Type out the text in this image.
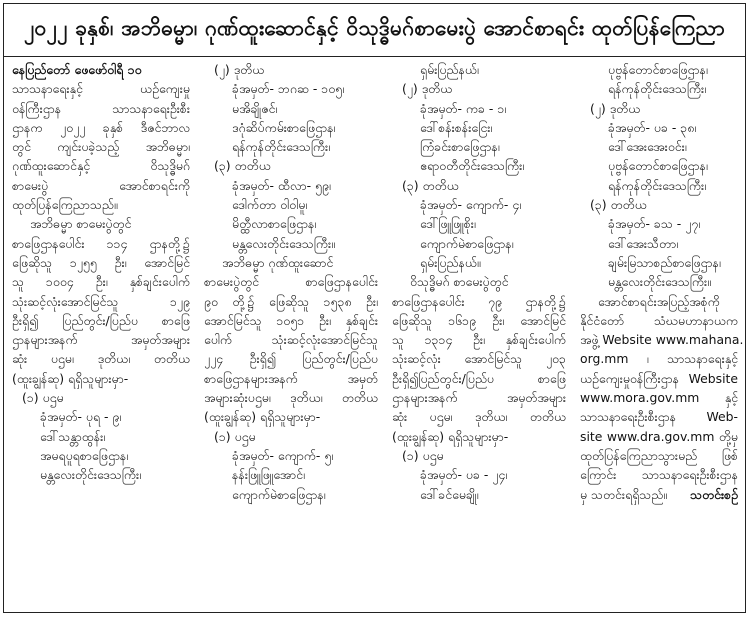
၂၀၂၂ ခုနှစ်၊ အဘိဓမ္မာ၊ ဂုဏ်ထူးဆောင်နှင့် ဝိသုဒ္ဓိမဂ်စာမေးပွဲ အောင်စာရင်း ထုတ်ပြန်ကြေညာ
နေပြည်တော် ဖေဖော်ဝါရီ ၁၀
သာသနာရေးနှင့် ယဉ်ကျေးမှု
ဝန်ကြီးဌာန သာသနာရေးဦးစီး
ဌာနက ၂၀၂၂ ခုနှစ် ဒီဇင်ဘာလ
တွင် ကျင်းပခဲ့သည့် အဘိဓမ္မာ၊
ဂုဏ်ထူးဆောင်နှင့် ဝိသုဒ္ဓိမဂ်
စာမေးပွဲ အောင်စာရင်းကို
ထုတ်ပြန်ကြေညာသည်။
အဘိဓမ္မာ စာမေးပွဲတွင်
စာဖြေဌာနပေါင်း ၁၁၄ ဌာနတို့၌
ဖြေဆိုသူ ၁၂၅၅ ဦး၊ အောင်မြင်
သူ ၁၀၀၄ ဦး၊ နှစ်ချင်းပေါက်
သုံးဆင့်လုံးအောင်မြင်သူ ၁၂၉
ဦးရှိ၍ ပြည်တွင်း/ပြည်ပ စာဖြေ
ဌာနများအနက် အမှတ်အများ
ဆုံး ပဌမ၊ ဒုတိယ၊ တတိယ
(ထူးချွန်ဆု) ရရှိသူများမှာ-
(၁) ပဌမ
ခုံအမှတ်- ပုရ - ၉၊
ဒေါ်သန္တာထွန်း၊
အမရပူရစာဖြေဌာန၊
မန္တလေးတိုင်းဒေသကြီး၊
(၂) ဒုတိယ
ခုံအမှတ်- ဘဂဆ - ၁၀၅၊
မအိချိုဇင်၊
ဒဂုံဆိပ်ကမ်းစာဖြေဌာန၊
ရန်ကုန်တိုင်းဒေသကြီး၊
(၃) တတိယ
ခုံအမှတ်- ထီလာ- ၅၉၊
ဒေါက်တာ ဝါဝါမူ၊
မိတ္ထီလာစာဖြေဌာန၊
မန္တလေးတိုင်းဒေသကြီး။
အဘိဓမ္မာ ဂုဏ်ထူးဆောင်
စာမေးပွဲတွင် စာဖြေဌာနပေါင်း
၉၀ တို့၌ ဖြေဆိုသူ ၁၅၃၈ ဦး၊
အောင်မြင်သူ ၁၀၅၁ ဦး၊ နှစ်ချင်း
ပေါက် သုံးဆင့်လုံးအောင်မြင်သူ
၂၂၄ ဦးရှိ၍ ပြည်တွင်း/ပြည်ပ
စာဖြေဌာနများအနက် အမှတ်
အများဆုံးပဌမ၊ ဒုတိယ၊ တတိယ
(ထူးချွန်ဆု) ရရှိသူများမှာ-
(၁) ပဌမ
ခုံအမှတ်- ကျောက်- ၅၊
နန်းဖြူဖြူအောင်၊
ကျောက်မဲစာဖြေဌာန၊
ရှမ်းပြည်နယ်၊
(၂) ဒုတိယ
ခုံအမှတ်- ကခ - ၁၊
ဒေါ်စန်းစန်းငြေး၊
ကြံခင်းစာဖြေဌာန၊
ဧရာဝတီတိုင်းဒေသကြီး၊
(၃) တတိယ
ခုံအမှတ်- ကျောက်- ၄၊
ဒေါ်ဖြူဖြူစိုး၊
ကျောက်မဲစာဖြေဌာန၊
ရှမ်းပြည်နယ်။
ဝိသုဒ္ဓိမဂ် စာမေးပွဲတွင်
စာဖြေဌာနပေါင်း ၇၉ ဌာနတို့၌
ဖြေဆိုသူ ၁၆၁၉ ဦး၊ အောင်မြင်
သူ ၁၃၁၄ ဦး၊ နှစ်ချင်းပေါက်
သုံးဆင့်လုံး အောင်မြင်သူ ၂၀၃
ဦးရှိ၍ပြည်တွင်း/ပြည်ပ စာဖြေ
ဌာနများအနက် အမှတ်အများ
ဆုံး ပဌမ၊ ဒုတိယ၊ တတိယ
(ထူးချွန်ဆု) ရရှိသူများမှာ-
(၁) ပဌမ
ခုံအမှတ်- ပခ - ၂၄၊
ဒေါ်ခင်မေချို၊
ပုဗ္ဗန်တောင်စာဖြေဌာန၊
ရန်ကုန်တိုင်းဒေသကြီး၊
(၂) ဒုတိယ
ခုံအမှတ်- ပခ - ၃၈၊
ဒေါ်အေးအေးဝင်း၊
ပုဗ္ဗန်တောင်စာဖြေဌာန၊
ရန်ကုန်တိုင်းဒေသကြီး၊
(၃) တတိယ
ခုံအမှတ်- ခသ - ၂၇၊
ဒေါ်အေးသီတာ၊
ချမ်းမြသာစည်စာဖြေဌာန၊
မန္တလေးတိုင်းဒေသကြီး။
အောင်စာရင်းအပြည့်အစုံကို
နိုင်ငံတော် သံဃမဟာနာယက
အဖွဲ့ Website www.mahana.
org.mm ၊ သာသနာရေးနှင့်
ယဉ်ကျေးမှုဝန်ကြီးဌာန Website
www.mora.gov.mm နှင့်
သာသနာရေးဦးစီးဌာန Web-
site www.dra.gov.mm တို့မှ
ထုတ်ပြန်ကြေညာသွားမည် ဖြစ်
ကြောင်း သာသနာရေးဦးစီးဌာန
မှ သတင်းရရှိသည်။ သတင်းစဉ်
